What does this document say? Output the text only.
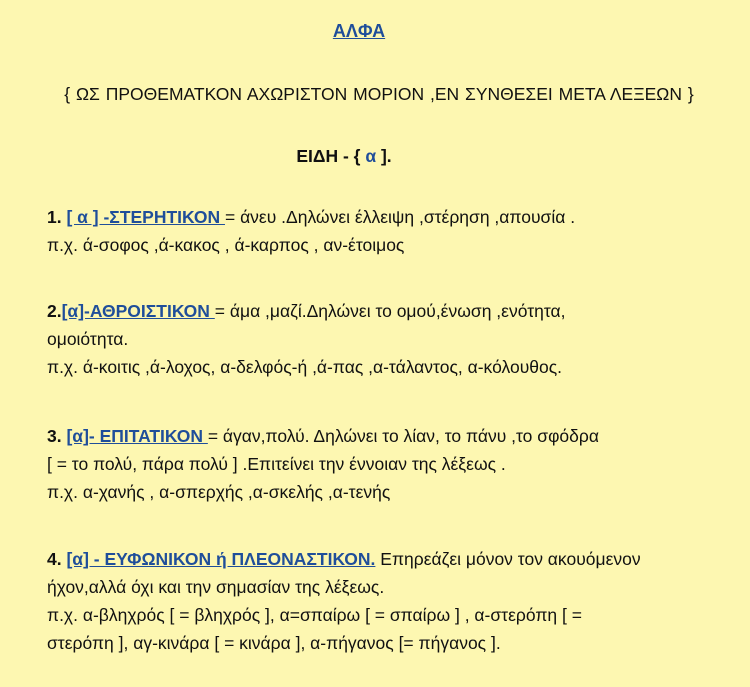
ΑΛΦΑ
{ ΩΣ ΠΡΟΘΕΜΑΤΚΟΝ ΑΧΩΡΙΣΤΟΝ ΜΟΡΙΟΝ ,ΕΝ ΣΥΝΘΕΣΕΙ ΜΕΤΑ ΛΕΞΕΩΝ }
ΕΙΔΗ - { α ].
1. [ α ] -ΣΤΕΡΗΤΙΚΟΝ = άνευ .Δηλώνει έλλειψη ,στέρηση ,απουσία .
π.χ. ά-σοφος ,ά-κακος , ά-καρπος , αν-έτοιμος
2.[α]-ΑΘΡΟΙΣΤΙΚΟΝ = άμα ,μαζί.Δηλώνει το ομού,ένωση ,ενότητα,
ομοιότητα.
π.χ. ά-κοιτις ,ά-λοχος, α-δελφός-ή ,ά-πας ,α-τάλαντος, α-κόλουθος.
3. [α]- ΕΠΙΤΑΤΙΚΟΝ = άγαν,πολύ. Δηλώνει το λίαν, το πάνυ ,το σφόδρα
[ = το πολύ, πάρα πολύ ] .Επιτείνει την έννοιαν της λέξεως .
π.χ. α-χανής , α-σπερχής ,α-σκελής ,α-τενής
4. [α] - ΕΥΦΩΝΙΚΟΝ ή ΠΛΕΟΝΑΣΤΙΚΟΝ. Επηρεάζει μόνον τον ακουόμενον
ήχον,αλλά όχι και την σημασίαν της λέξεως.
π.χ. α-βληχρός [ = βληχρός ], α=σπαίρω [ = σπαίρω ] , α-στερόπη [ =
στερόπη ], αγ-κινάρα [ = κινάρα ], α-πήγανος [= πήγανος ].
